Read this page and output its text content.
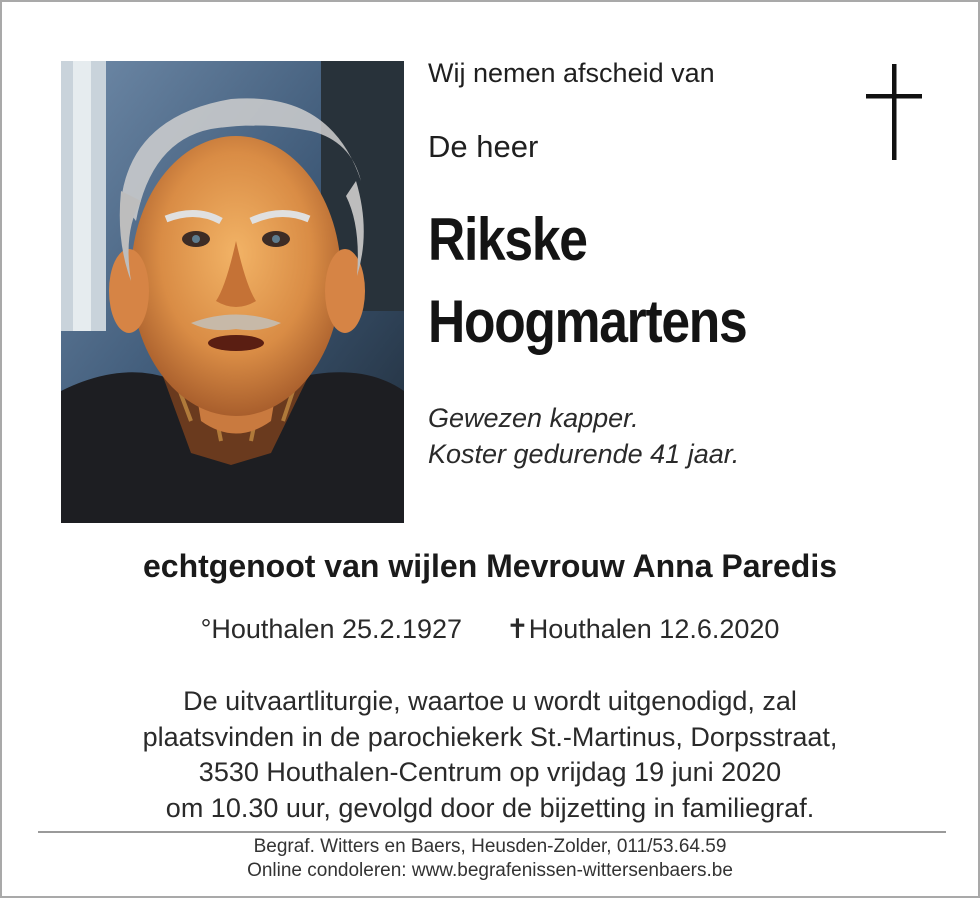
Wij nemen afscheid van

De heer

Rikske

Hoogmartens

Gewezen kapper.
Koster gedurende 41 jaar.
echtgenoot van wijlen Mevrouw Anna Paredis
°Houthalen 25.2.1927 ✝Houthalen 12.6.2020
De uitvaartliturgie, waartoe u wordt uitgenodigd, zal
plaatsvinden in de parochiekerk St.-Martinus, Dorpsstraat,
3530 Houthalen-Centrum op vrijdag 19 juni 2020
om 10.30 uur, gevolgd door de bijzetting in familiegraf.
Begraf. Witters en Baers, Heusden-Zolder, 011/53.64.59
Online condoleren: www.begrafenissen-wittersenbaers.be
